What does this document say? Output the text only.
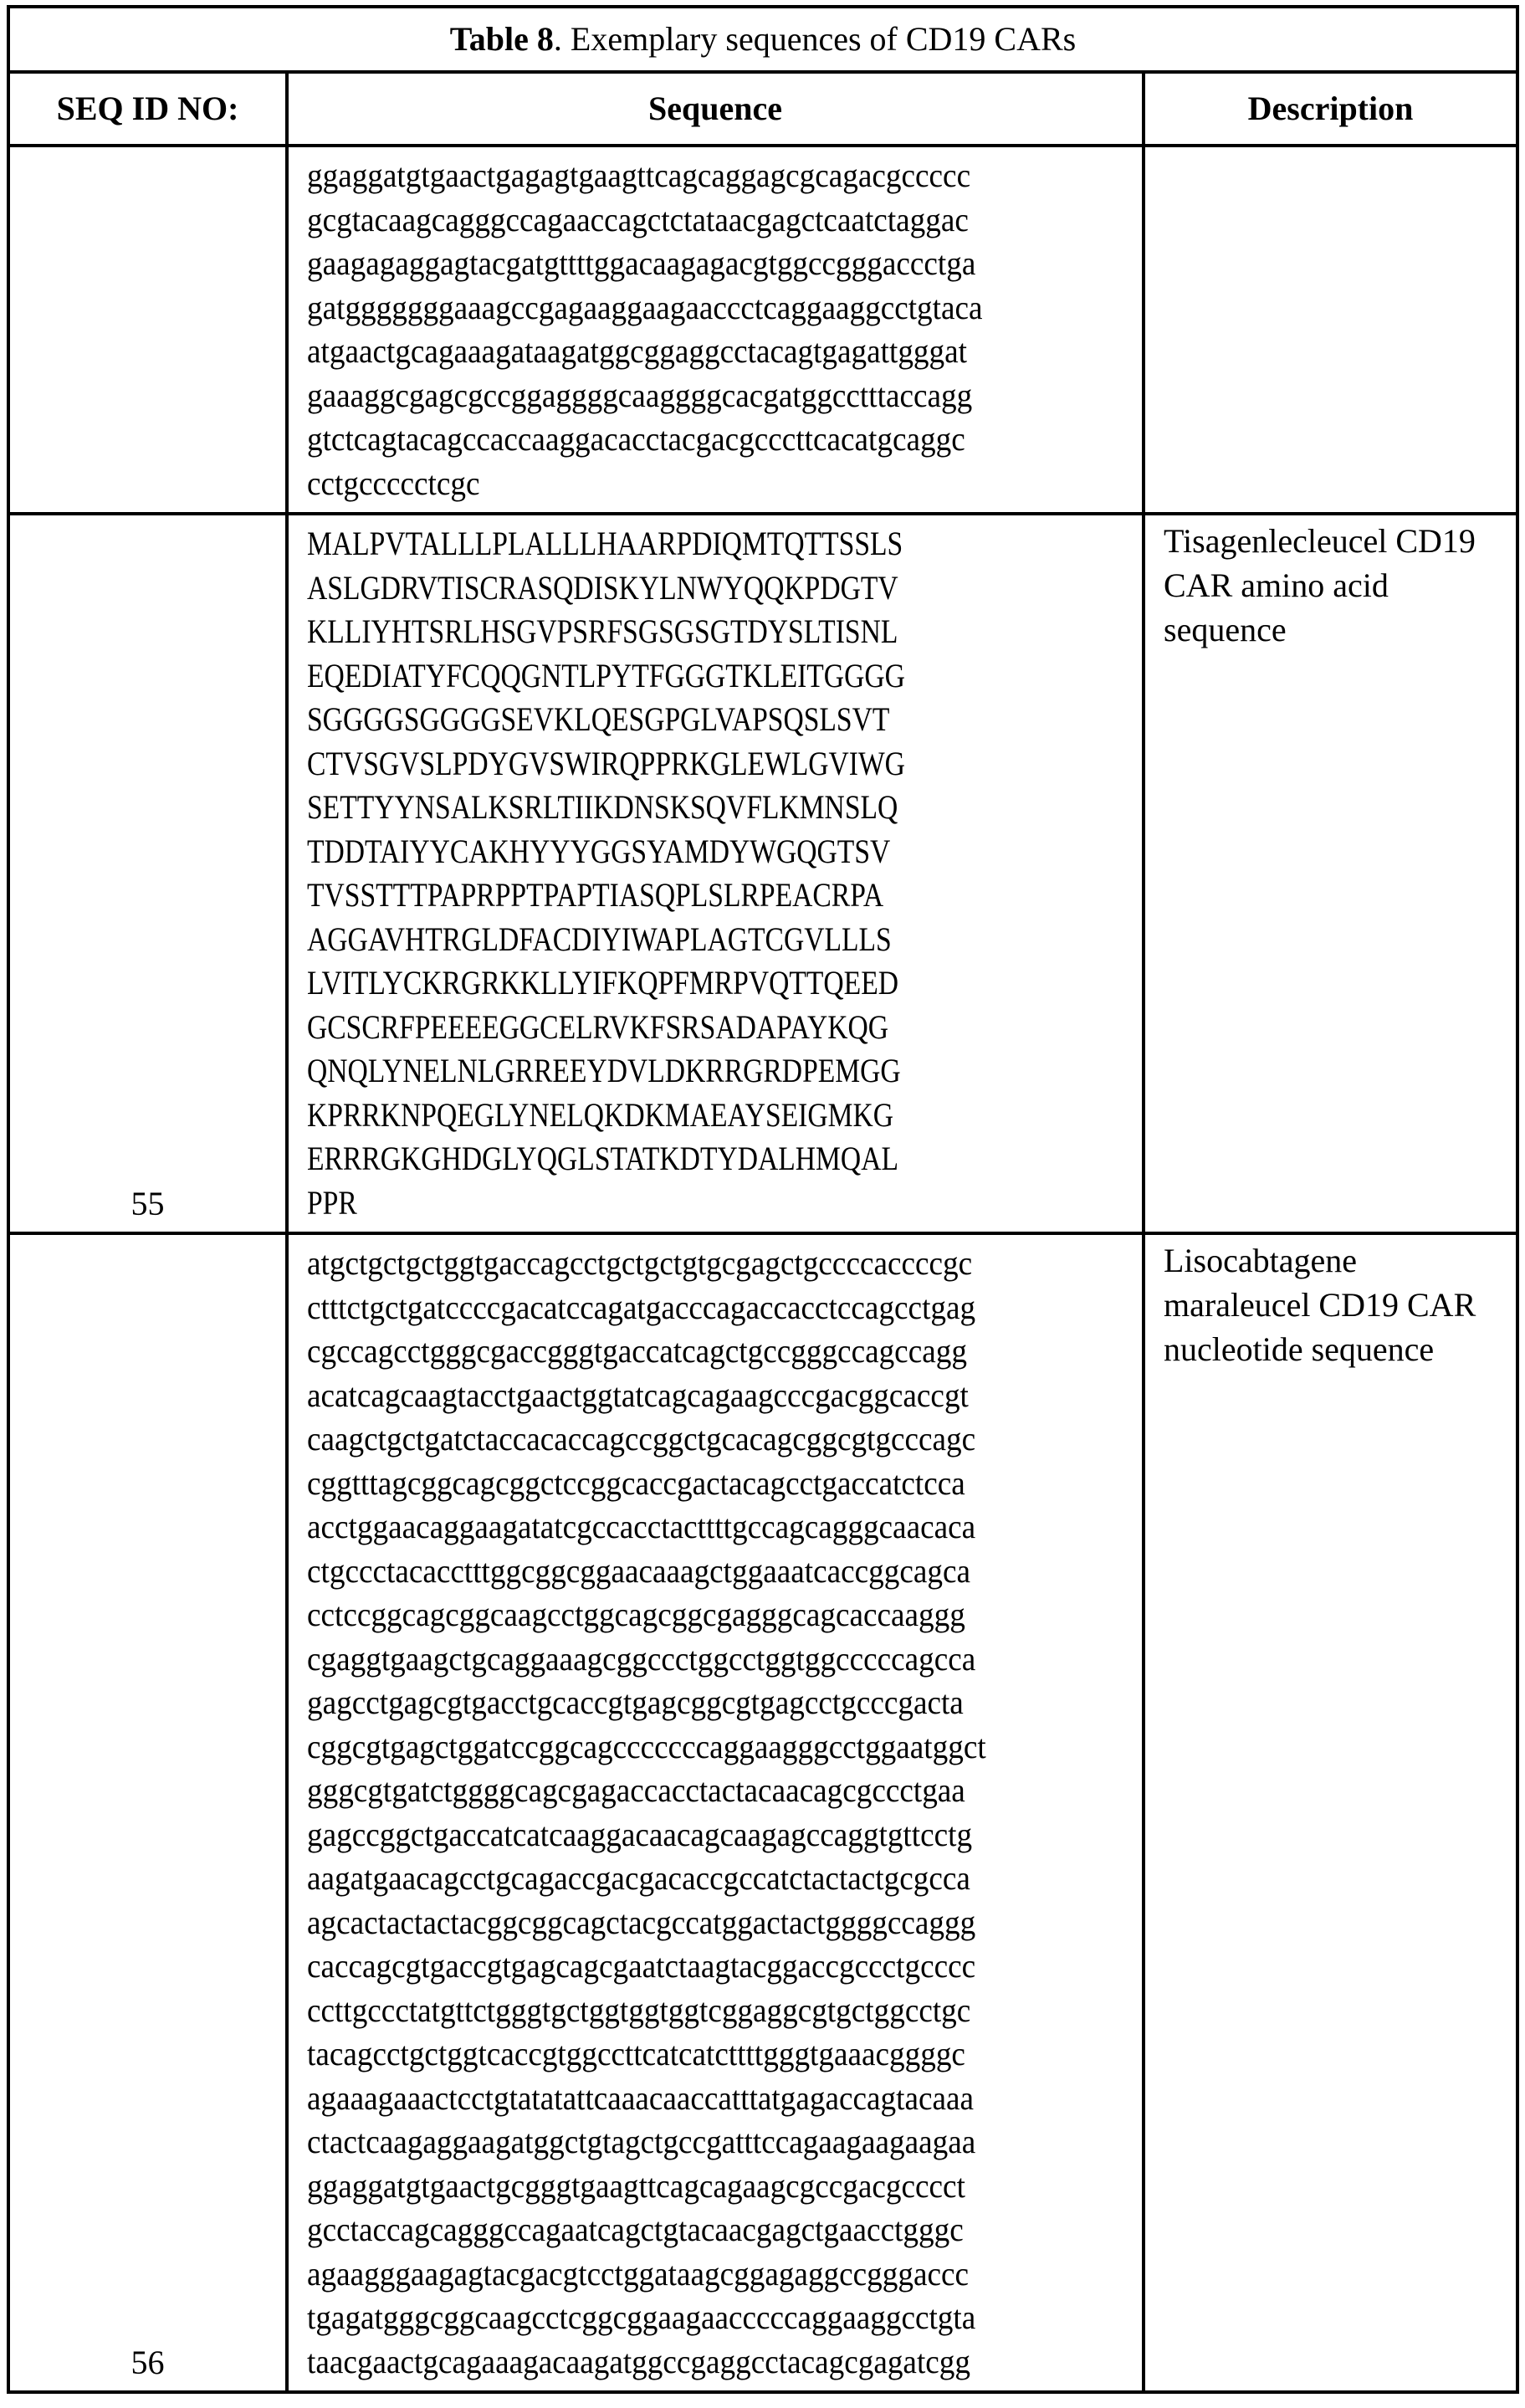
Table 8. Exemplary sequences of CD19 CARs
SEQ ID NO:	Sequence	Description

ggaggatgtgaactgagagtgaagttcagcaggagcgcagacgccccc
gcgtacaagcagggccagaaccagctctataacgagctcaatctaggac
gaagagaggagtacgatgttttggacaagagacgtggccgggaccctga
gatgggggggaaagccgagaaggaagaaccctcaggaaggcctgtaca
atgaactgcagaaagataagatggcggaggcctacagtgagattgggat
gaaaggcgagcgccggaggggcaaggggcacgatggcctttaccagg
gtctcagtacagccaccaaggacacctacgacgcccttcacatgcaggc
cctgccccctcgc

55

MALPVTALLLPLALLLHAARPDIQMTQTTSSLS
ASLGDRVTISCRASQDISKYLNWYQQKPDGTV
KLLIYHTSRLHSGVPSRFSGSGSGTDYSLTISNL
EQEDIATYFCQQGNTLPYTFGGGTKLEITGGGG
SGGGGSGGGGSEVKLQESGPGLVAPSQSLSVT
CTVSGVSLPDYGVSWIRQPPRKGLEWLGVIWG
SETTYYNSALKSRLTIIKDNSKSQVFLKMNSLQ
TDDTAIYYCAKHYYYGGSYAMDYWGQGTSV
TVSSTTTPAPRPPTPAPTIASQPLSLRPEACRPA
AGGAVHTRGLDFACDIYIWAPLAGTCGVLLLS
LVITLYCKRGRKKLLYIFKQPFMRPVQTTQEED
GCSCRFPEEEEGGCELRVKFSRSADAPAYKQG
QNQLYNELNLGRREEYDVLDKRRGRDPEMGG
KPRRKNPQEGLYNELQKDKMAEAYSEIGMKG
ERRRGKGHDGLYQGLSTATKDTYDALHMQAL
PPR
	Tisagenlecleucel CD19 CAR amino acid sequence

56

atgctgctgctggtgaccagcctgctgctgtgcgagctgccccaccccgc
ctttctgctgatccccgacatccagatgacccagaccacctccagcctgag
cgccagcctgggcgaccgggtgaccatcagctgccgggccagccagg
acatcagcaagtacctgaactggtatcagcagaagcccgacggcaccgt
caagctgctgatctaccacaccagccggctgcacagcggcgtgcccagc
cggtttagcggcagcggctccggcaccgactacagcctgaccatctcca
acctggaacaggaagatatcgccacctacttttgccagcagggcaacaca
ctgccctacacctttggcggcggaacaaagctggaaatcaccggcagca
cctccggcagcggcaagcctggcagcggcgagggcagcaccaaggg
cgaggtgaagctgcaggaaagcggccctggcctggtggcccccagcca
gagcctgagcgtgacctgcaccgtgagcggcgtgagcctgcccgacta
cggcgtgagctggatccggcagcccccccaggaagggcctggaatggct
gggcgtgatctggggcagcgagaccacctactacaacagcgccctgaa
gagccggctgaccatcatcaaggacaacagcaagagccaggtgttcctg
aagatgaacagcctgcagaccgacgacaccgccatctactactgcgcca
agcactactactacggcggcagctacgccatggactactggggccaggg
caccagcgtgaccgtgagcagcgaatctaagtacggaccgccctgcccc
ccttgccctatgttctgggtgctggtggtggtcggaggcgtgctggcctgc
tacagcctgctggtcaccgtggccttcatcatcttttgggtgaaacggggc
agaaagaaactcctgtatatattcaaacaaccatttatgagaccagtacaaa
ctactcaagaggaagatggctgtagctgccgatttccagaagaagaagaa
ggaggatgtgaactgcgggtgaagttcagcagaagcgccgacgcccct
gcctaccagcagggccagaatcagctgtacaacgagctgaacctgggc
agaagggaagagtacgacgtcctggataagcggagaggccgggaccc
tgagatgggcggcaagcctcggcggaagaacccccaggaaggcctgta
taacgaactgcagaaagacaagatggccgaggcctacagcgagatcgg
	Lisocabtagene maraleucel CD19 CAR nucleotide sequence
